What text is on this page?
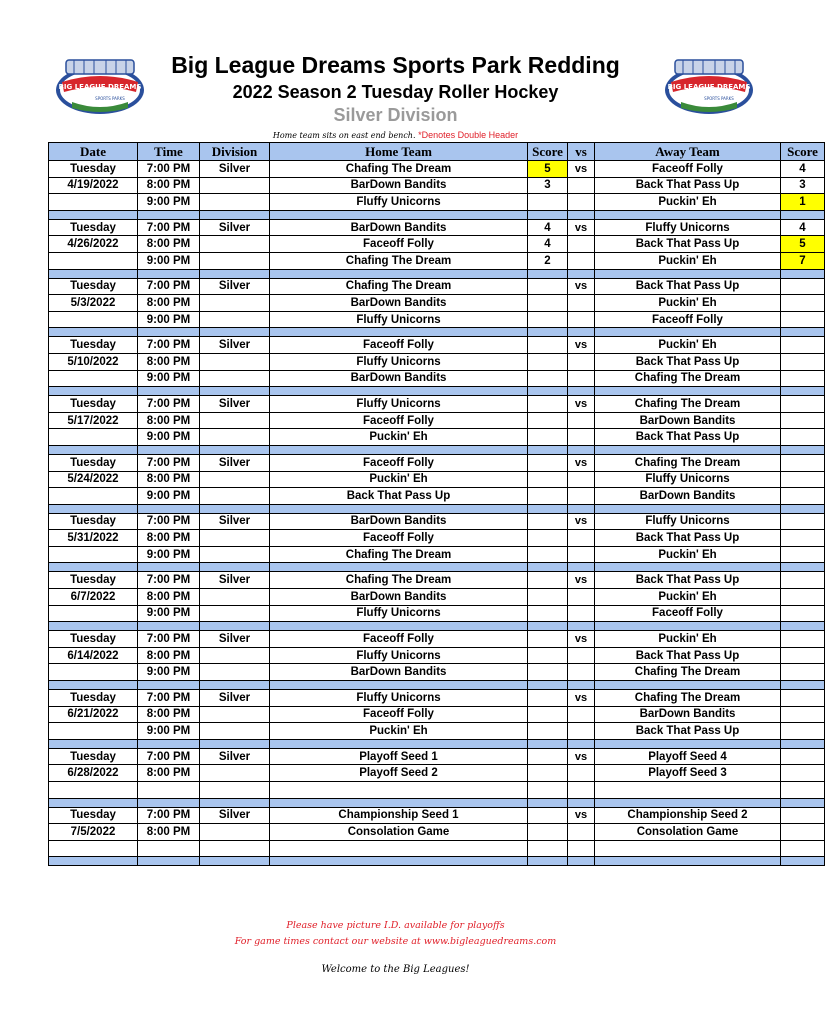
BIG LEAGUE DREAMS
SPORTS PARKS
BIG LEAGUE DREAMS
SPORTS PARKS
Big League Dreams Sports Park Redding
2022 Season 2 Tuesday Roller Hockey
Silver Division
Home team sits on east end bench. *Denotes Double Header
Date	Time	Division	Home Team	Score	vs	Away Team	Score
Tuesday	7:00 PM	Silver	Chafing The Dream	5	vs	Faceoff Folly	4
4/19/2022	8:00 PM		BarDown Bandits	3		Back That Pass Up	3
	9:00 PM		Fluffy Unicorns			Puckin' Eh	1

Tuesday	7:00 PM	Silver	BarDown Bandits	4	vs	Fluffy Unicorns	4
4/26/2022	8:00 PM		Faceoff Folly	4		Back That Pass Up	5
	9:00 PM		Chafing The Dream	2		Puckin' Eh	7

Tuesday	7:00 PM	Silver	Chafing The Dream		vs	Back That Pass Up	
5/3/2022	8:00 PM		BarDown Bandits			Puckin' Eh	
	9:00 PM		Fluffy Unicorns			Faceoff Folly	

Tuesday	7:00 PM	Silver	Faceoff Folly		vs	Puckin' Eh	
5/10/2022	8:00 PM		Fluffy Unicorns			Back That Pass Up	
	9:00 PM		BarDown Bandits			Chafing The Dream	

Tuesday	7:00 PM	Silver	Fluffy Unicorns		vs	Chafing The Dream	
5/17/2022	8:00 PM		Faceoff Folly			BarDown Bandits	
	9:00 PM		Puckin' Eh			Back That Pass Up	

Tuesday	7:00 PM	Silver	Faceoff Folly		vs	Chafing The Dream	
5/24/2022	8:00 PM		Puckin' Eh			Fluffy Unicorns	
	9:00 PM		Back That Pass Up			BarDown Bandits	

Tuesday	7:00 PM	Silver	BarDown Bandits		vs	Fluffy Unicorns	
5/31/2022	8:00 PM		Faceoff Folly			Back That Pass Up	
	9:00 PM		Chafing The Dream			Puckin' Eh	

Tuesday	7:00 PM	Silver	Chafing The Dream		vs	Back That Pass Up	
6/7/2022	8:00 PM		BarDown Bandits			Puckin' Eh	
	9:00 PM		Fluffy Unicorns			Faceoff Folly	

Tuesday	7:00 PM	Silver	Faceoff Folly		vs	Puckin' Eh	
6/14/2022	8:00 PM		Fluffy Unicorns			Back That Pass Up	
	9:00 PM		BarDown Bandits			Chafing The Dream	

Tuesday	7:00 PM	Silver	Fluffy Unicorns		vs	Chafing The Dream	
6/21/2022	8:00 PM		Faceoff Folly			BarDown Bandits	
	9:00 PM		Puckin' Eh			Back That Pass Up	

Tuesday	7:00 PM	Silver	Playoff Seed 1		vs	Playoff Seed 4	
6/28/2022	8:00 PM		Playoff Seed 2			Playoff Seed 3	

Tuesday	7:00 PM	Silver	Championship Seed 1		vs	Championship Seed 2	
7/5/2022	8:00 PM		Consolation Game			Consolation Game	

Please have picture I.D. available for playoffs
For game times contact our website at www.bigleaguedreams.com
Welcome to the Big Leagues!
